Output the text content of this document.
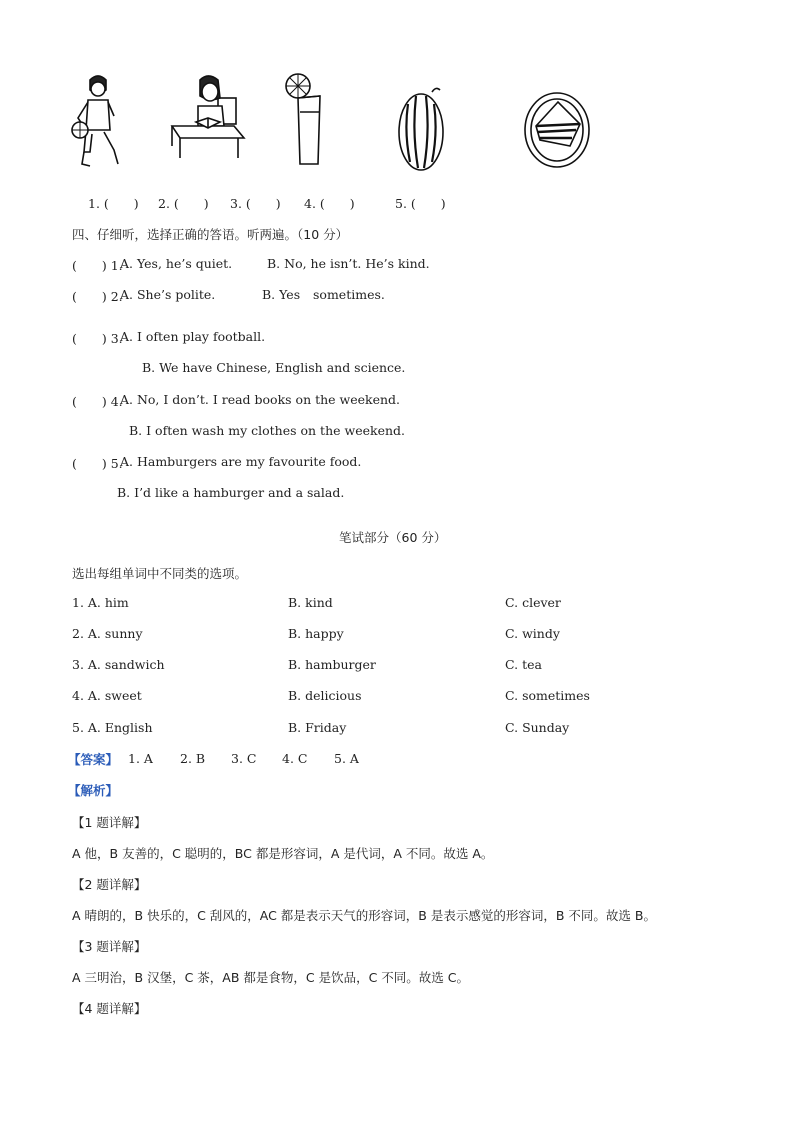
1. (　　) 2. (　　) 3. (　　) 4. (　　)	5. (　　)
四、仔细听，选择正确的答语。听两遍。（10 分）
(　　) 1.
A. Yes, he’s quiet.	B. No, he isn’t. He’s kind.
(　　) 2.
A. She’s polite.	B. Yes sometimes.
(　　) 3.
A. I often play football.
B. We have Chinese, English and science.
(　　) 4.
A. No, I don’t. I read books on the weekend.
B. I often wash my clothes on the weekend.
(　　) 5.
A. Hamburgers are my favourite food.
B. I’d like a hamburger and a salad.
笔试部分（60 分）
选出每组单词中不同类的选项。
1. A. him	B. kind	C. clever
2. A. sunny	B. happy	C. windy
3. A. sandwich	B. hamburger	C. tea
4. A. sweet	B. delicious	C. sometimes
5. A. English	B. Friday	C. Sunday
【答案】 1. A 2. B 3. C 4. C 5. A
【解析】
【1 题详解】
A 他，B 友善的，C 聪明的，BC 都是形容词，A 是代词，A 不同。故选 A。
【2 题详解】
A 晴朗的，B 快乐的，C 刮风的，AC 都是表示天气的形容词，B 是表示感觉的形容词，B 不同。故选 B。
【3 题详解】
A 三明治，B 汉堡，C 茶，AB 都是食物，C 是饮品，C 不同。故选 C。
【4 题详解】
